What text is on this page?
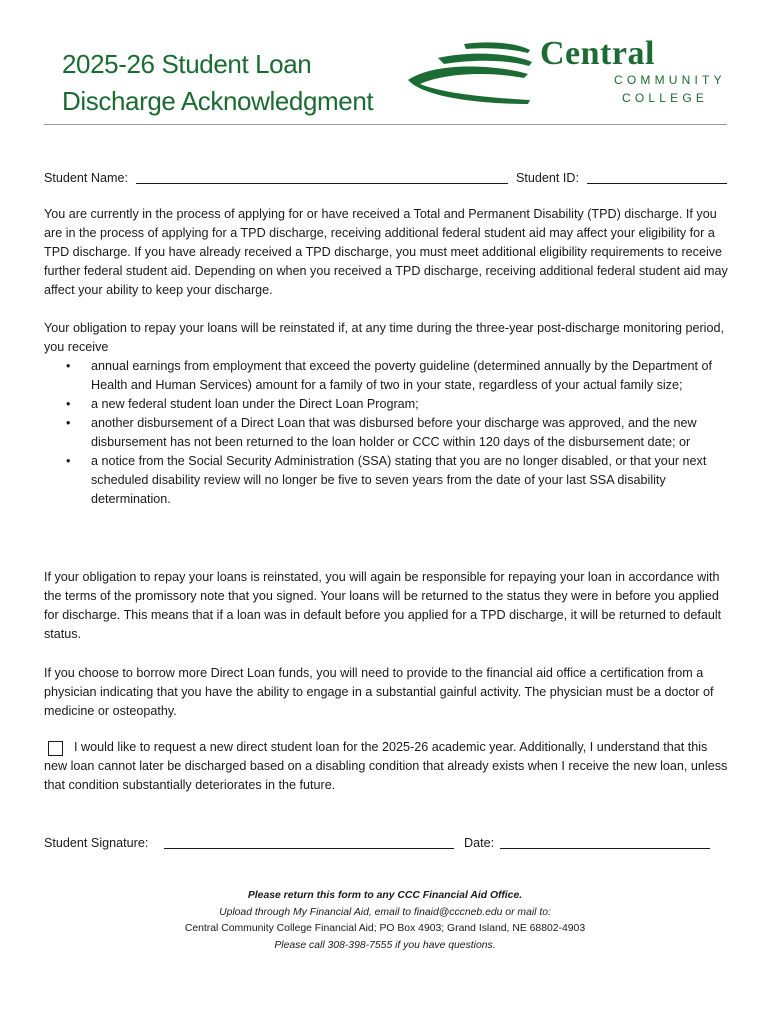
2025-26 Student Loan
Discharge Acknowledgment
Central
COMMUNITY
COLLEGE
Student Name:	Student ID:

You are currently in the process of applying for or have received a Total and Permanent Disability (TPD) discharge. If you are in the process of applying for a TPD discharge, receiving additional federal student aid may affect your eligibility for a TPD discharge. If you have already received a TPD discharge, you must meet additional eligibility requirements to receive further federal student aid. Depending on when you received a TPD discharge, receiving additional federal student aid may affect your ability to keep your discharge.

Your obligation to repay your loans will be reinstated if, at any time during the three-year post-discharge monitoring period, you receive

• annual earnings from employment that exceed the poverty guideline (determined annually by the Department of Health and Human Services) amount for a family of two in your state, regardless of your actual family size;
• a new federal student loan under the Direct Loan Program;
• another disbursement of a Direct Loan that was disbursed before your discharge was approved, and the new disbursement has not been returned to the loan holder or CCC within 120 days of the disbursement date; or
• a notice from the Social Security Administration (SSA) stating that you are no longer disabled, or that your next scheduled disability review will no longer be five to seven years from the date of your last SSA disability determination.

If your obligation to repay your loans is reinstated, you will again be responsible for repaying your loan in accordance with the terms of the promissory note that you signed. Your loans will be returned to the status they were in before you applied for discharge. This means that if a loan was in default before you applied for a TPD discharge, it will be returned to default status.

If you choose to borrow more Direct Loan funds, you will need to provide to the financial aid office a certification from a physician indicating that you have the ability to engage in a substantial gainful activity. The physician must be a doctor of medicine or osteopathy.

I would like to request a new direct student loan for the 2025-26 academic year. Additionally, I understand that this new loan cannot later be discharged based on a disabling condition that already exists when I receive the new loan, unless that condition substantially deteriorates in the future.

Student Signature:	Date:
Please return this form to any CCC Financial Aid Office.
Upload through My Financial Aid, email to finaid@cccneb.edu or mail to:
Central Community College Financial Aid; PO Box 4903; Grand Island, NE 68802-4903
Please call 308-398-7555 if you have questions.
